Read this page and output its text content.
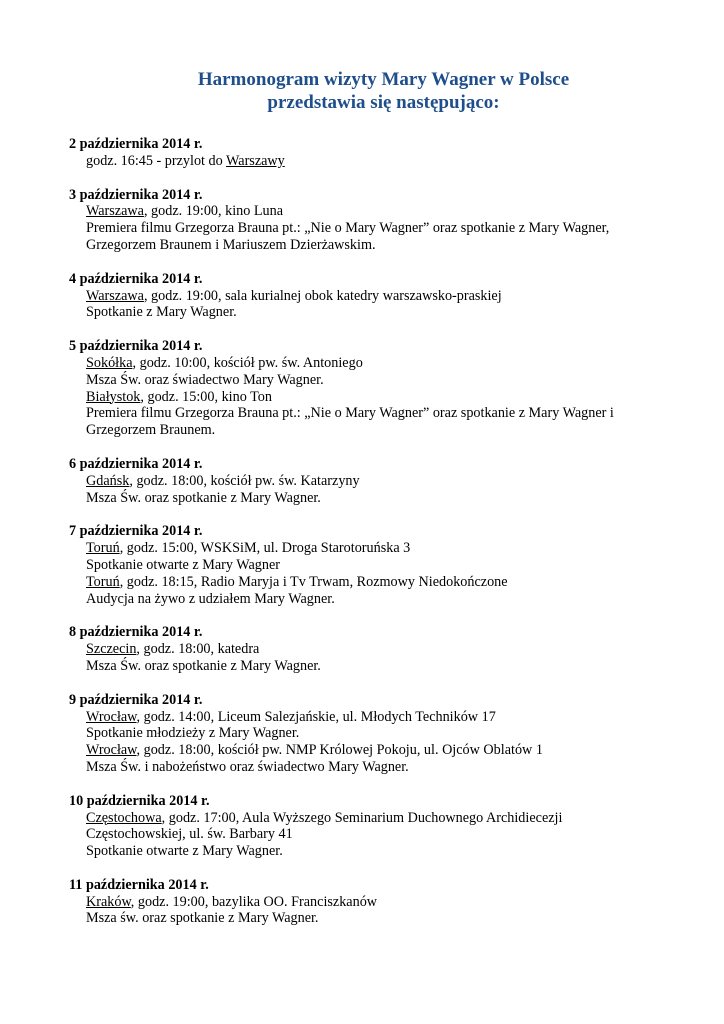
Harmonogram wizyty Mary Wagner w Polsce
przedstawia się następująco:
2 października 2014 r.
godz. 16:45 - przylot do Warszawy
3 października 2014 r.
Warszawa, godz. 19:00, kino Luna
Premiera filmu Grzegorza Brauna pt.: „Nie o Mary Wagner” oraz spotkanie z Mary Wagner,
Grzegorzem Braunem i Mariuszem Dzierżawskim.
4 października 2014 r.
Warszawa, godz. 19:00, sala kurialnej obok katedry warszawsko-praskiej
Spotkanie z Mary Wagner.
5 października 2014 r.
Sokółka, godz. 10:00, kościół pw. św. Antoniego
Msza Św. oraz świadectwo Mary Wagner.
Białystok, godz. 15:00, kino Ton
Premiera filmu Grzegorza Brauna pt.: „Nie o Mary Wagner” oraz spotkanie z Mary Wagner i
Grzegorzem Braunem.
6 października 2014 r.
Gdańsk, godz. 18:00, kościół pw. św. Katarzyny
Msza Św. oraz spotkanie z Mary Wagner.
7 października 2014 r.
Toruń, godz. 15:00, WSKSiM, ul. Droga Starotoruńska 3
Spotkanie otwarte z Mary Wagner
Toruń, godz. 18:15, Radio Maryja i Tv Trwam, Rozmowy Niedokończone
Audycja na żywo z udziałem Mary Wagner.
8 października 2014 r.
Szczecin, godz. 18:00, katedra
Msza Św. oraz spotkanie z Mary Wagner.
9 października 2014 r.
Wrocław, godz. 14:00, Liceum Salezjańskie, ul. Młodych Techników 17
Spotkanie młodzieży z Mary Wagner.
Wrocław, godz. 18:00, kościół pw. NMP Królowej Pokoju, ul. Ojców Oblatów 1
Msza Św. i nabożeństwo oraz świadectwo Mary Wagner.
10 października 2014 r.
Częstochowa, godz. 17:00, Aula Wyższego Seminarium Duchownego Archidiecezji
Częstochowskiej, ul. św. Barbary 41
Spotkanie otwarte z Mary Wagner.
11 października 2014 r.
Kraków, godz. 19:00, bazylika OO. Franciszkanów
Msza św. oraz spotkanie z Mary Wagner.
